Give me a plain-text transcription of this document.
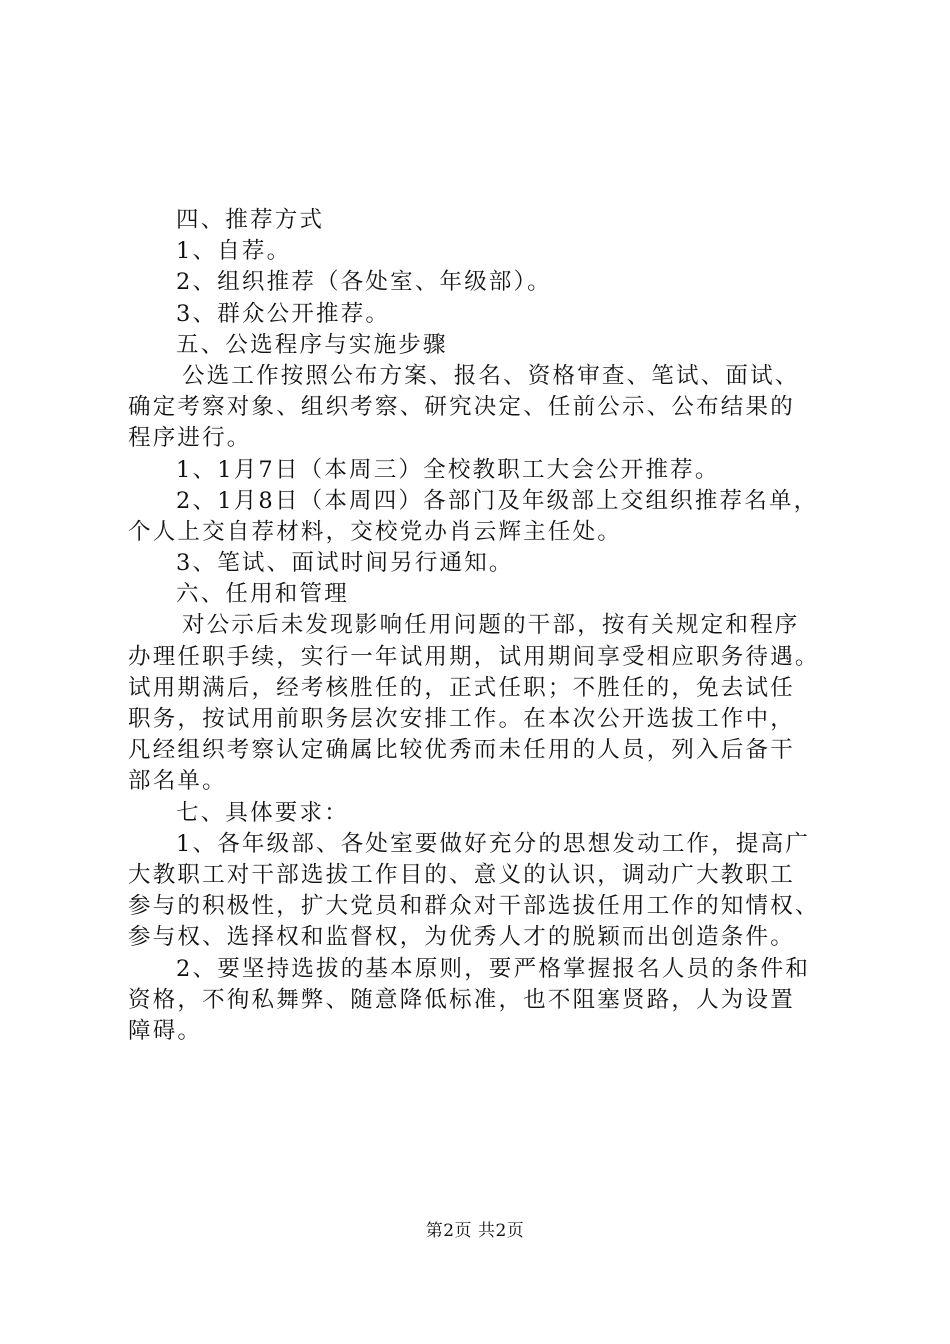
四、推荐方式
1、自荐。
2、组织推荐（各处室、年级部）。
3、群众公开推荐。
五、公选程序与实施步骤
公选工作按照公布方案、报名、资格审查、笔试、面试、
确定考察对象、组织考察、研究决定、任前公示、公布结果的
程序进行。
1、1月7日（本周三）全校教职工大会公开推荐。
2、1月8日（本周四）各部门及年级部上交组织推荐名单，
个人上交自荐材料，交校党办肖云辉主任处。
3、笔试、面试时间另行通知。
六、任用和管理
对公示后未发现影响任用问题的干部，按有关规定和程序
办理任职手续，实行一年试用期，试用期间享受相应职务待遇。
试用期满后，经考核胜任的，正式任职；不胜任的，免去试任
职务，按试用前职务层次安排工作。在本次公开选拔工作中，
凡经组织考察认定确属比较优秀而未任用的人员，列入后备干
部名单。
七、具体要求：
1、各年级部、各处室要做好充分的思想发动工作，提高广
大教职工对干部选拔工作目的、意义的认识，调动广大教职工
参与的积极性，扩大党员和群众对干部选拔任用工作的知情权、
参与权、选择权和监督权，为优秀人才的脱颖而出创造条件。
2、要坚持选拔的基本原则，要严格掌握报名人员的条件和
资格，不徇私舞弊、随意降低标准，也不阻塞贤路，人为设置
障碍。
第2页 共2页
